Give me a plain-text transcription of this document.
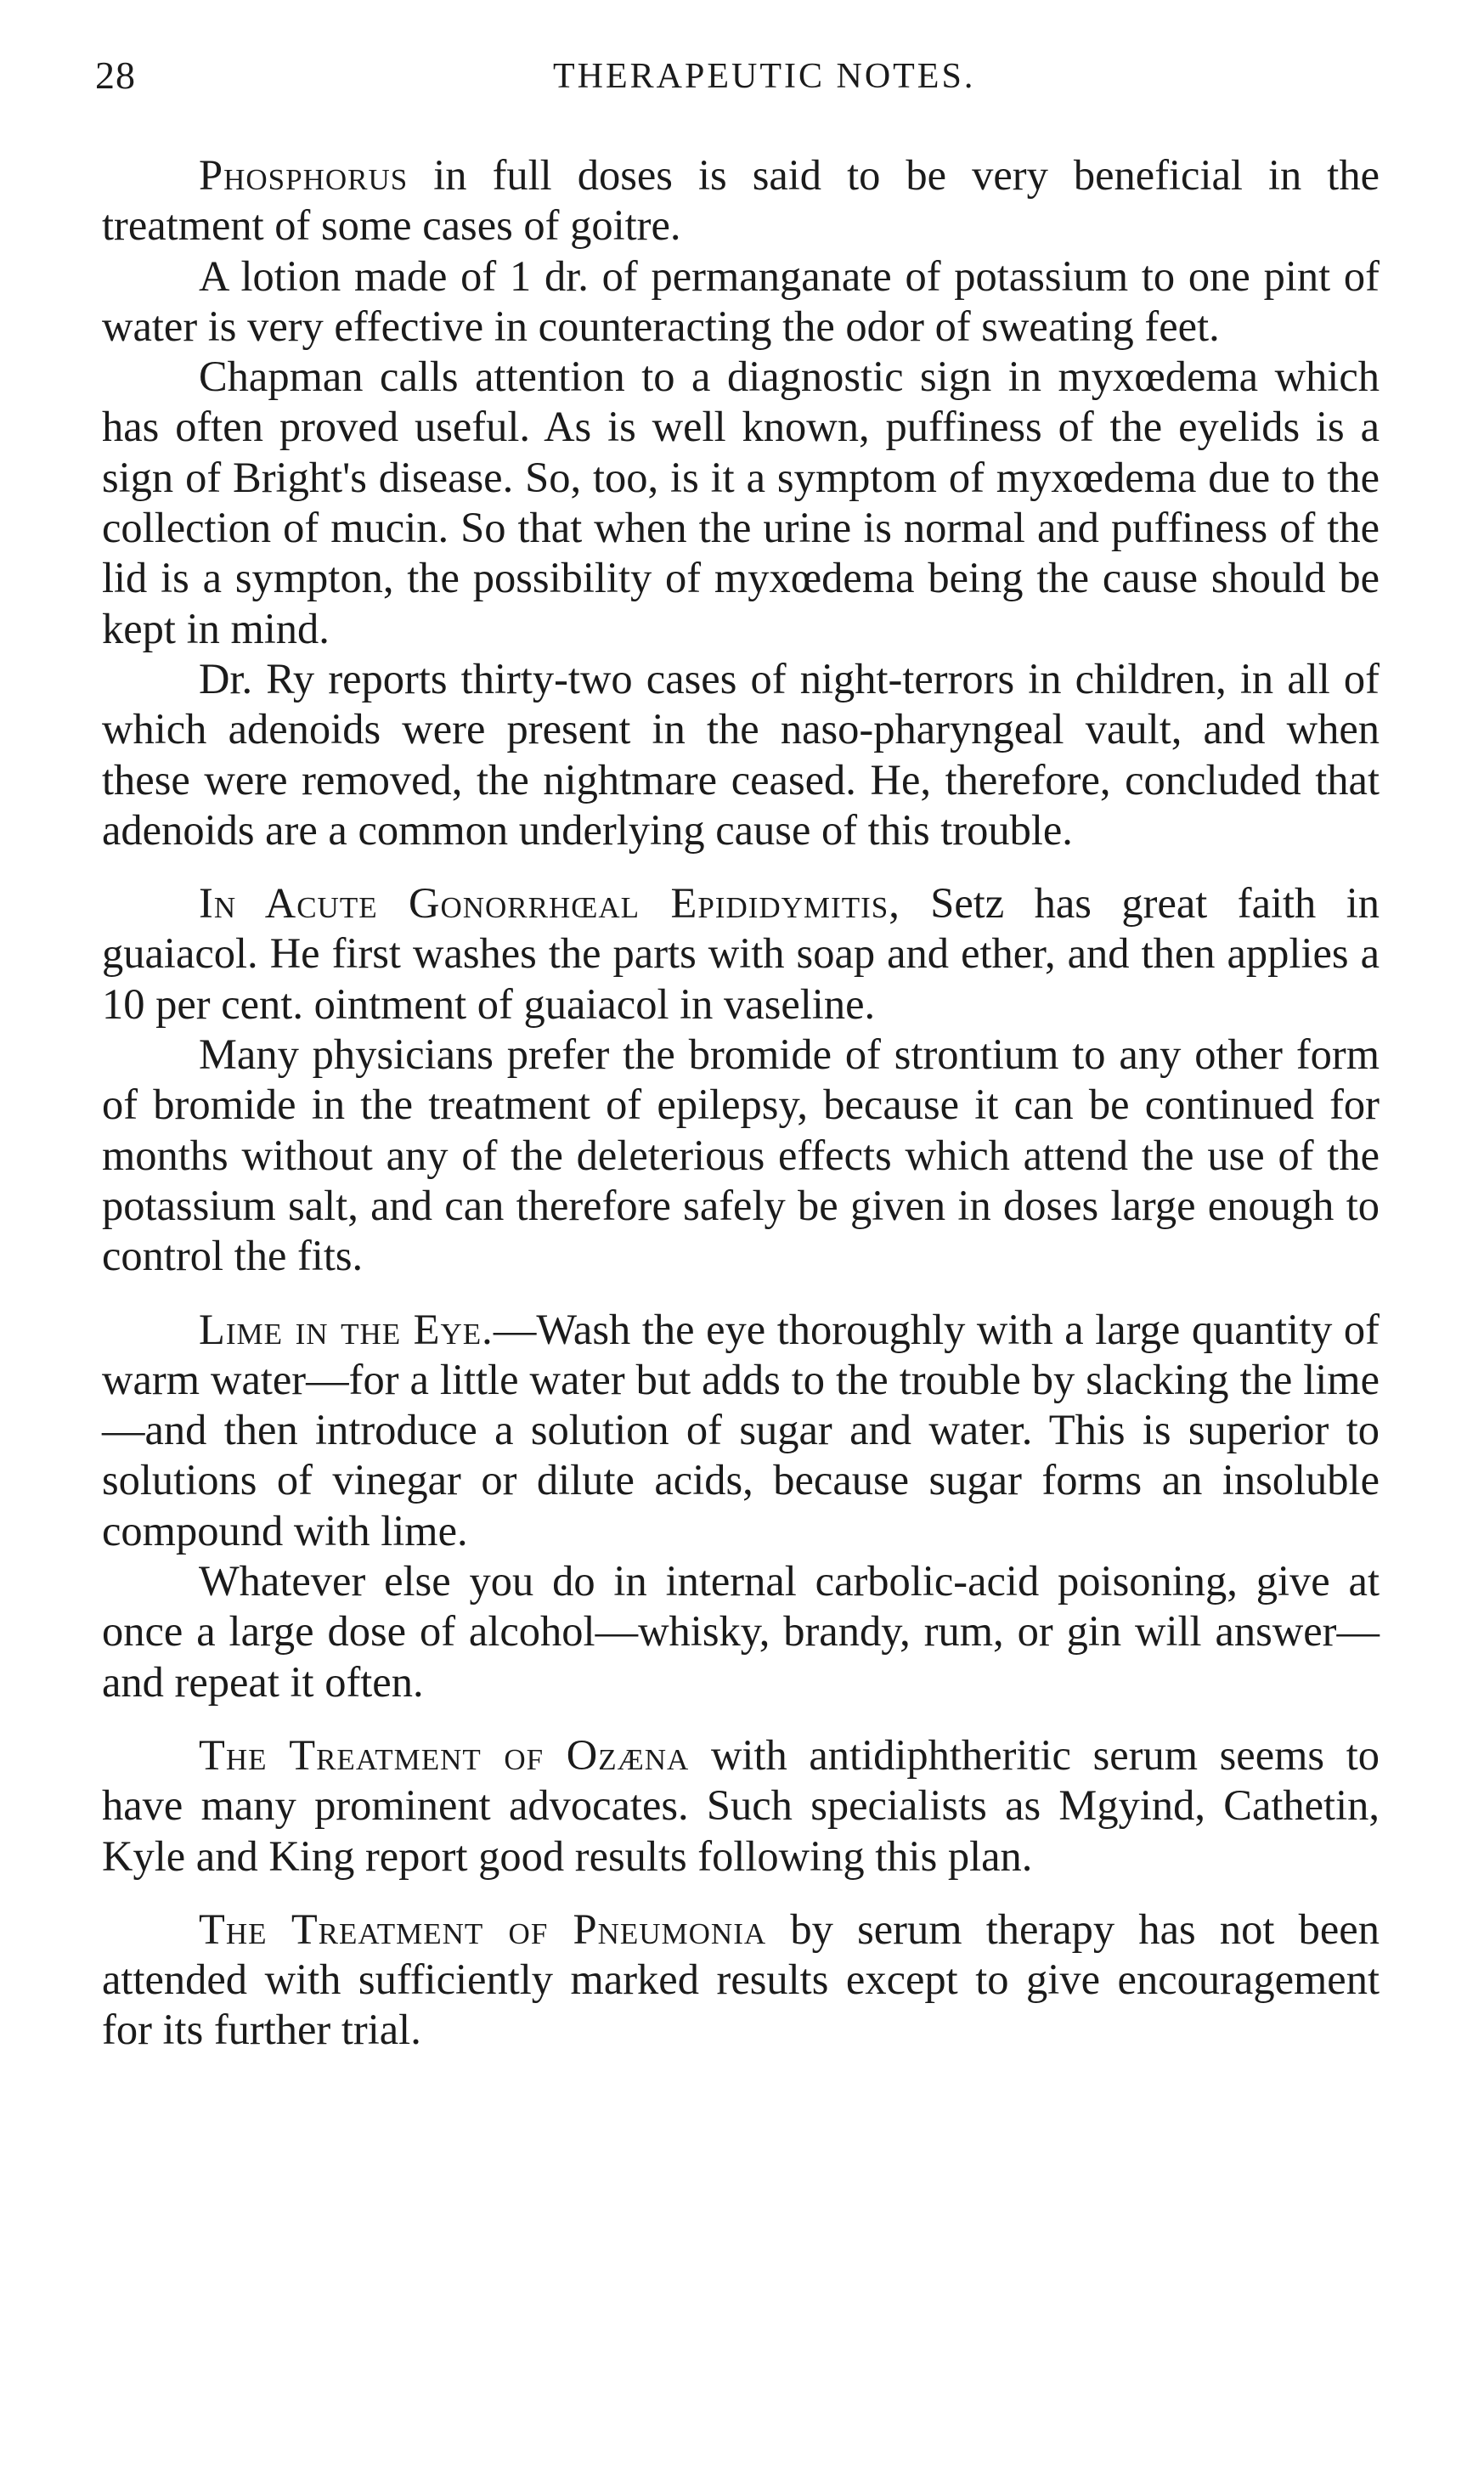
28	THERAPEUTIC NOTES.

Phosphorus in full doses is said to be very beneficial in the treatment of some cases of goitre.

A lotion made of 1 dr. of permanganate of potassium to one pint of water is very effective in counteracting the odor of sweating feet.

Chapman calls attention to a diagnostic sign in myxœdema which has often proved useful. As is well known, puffiness of the eyelids is a sign of Bright's disease. So, too, is it a symptom of myxœdema due to the collection of mucin. So that when the urine is normal and puffiness of the lid is a sympton, the possibility of myxœdema being the cause should be kept in mind.

Dr. Ry reports thirty-two cases of night-terrors in children, in all of which adenoids were present in the naso-pharyngeal vault, and when these were removed, the nightmare ceased. He, therefore, concluded that adenoids are a common underlying cause of this trouble.

In Acute Gonorrhœal Epididymitis, Setz has great faith in guaiacol. He first washes the parts with soap and ether, and then applies a 10 per cent. ointment of guaiacol in vaseline.

Many physicians prefer the bromide of strontium to any other form of bromide in the treatment of epilepsy, because it can be continued for months without any of the deleterious effects which attend the use of the potassium salt, and can therefore safely be given in doses large enough to control the fits.

Lime in the Eye.—Wash the eye thoroughly with a large quantity of warm water—for a little water but adds to the trouble by slacking the lime—and then introduce a solution of sugar and water. This is superior to solutions of vinegar or dilute acids, because sugar forms an insoluble compound with lime.

Whatever else you do in internal carbolic-acid poisoning, give at once a large dose of alcohol—whisky, brandy, rum, or gin will answer—and repeat it often.

The Treatment of Ozæna with antidiphtheritic serum seems to have many prominent advocates. Such specialists as Mgyind, Cathetin, Kyle and King report good results following this plan.

The Treatment of Pneumonia by serum therapy has not been attended with sufficiently marked results except to give encouragement for its further trial.
